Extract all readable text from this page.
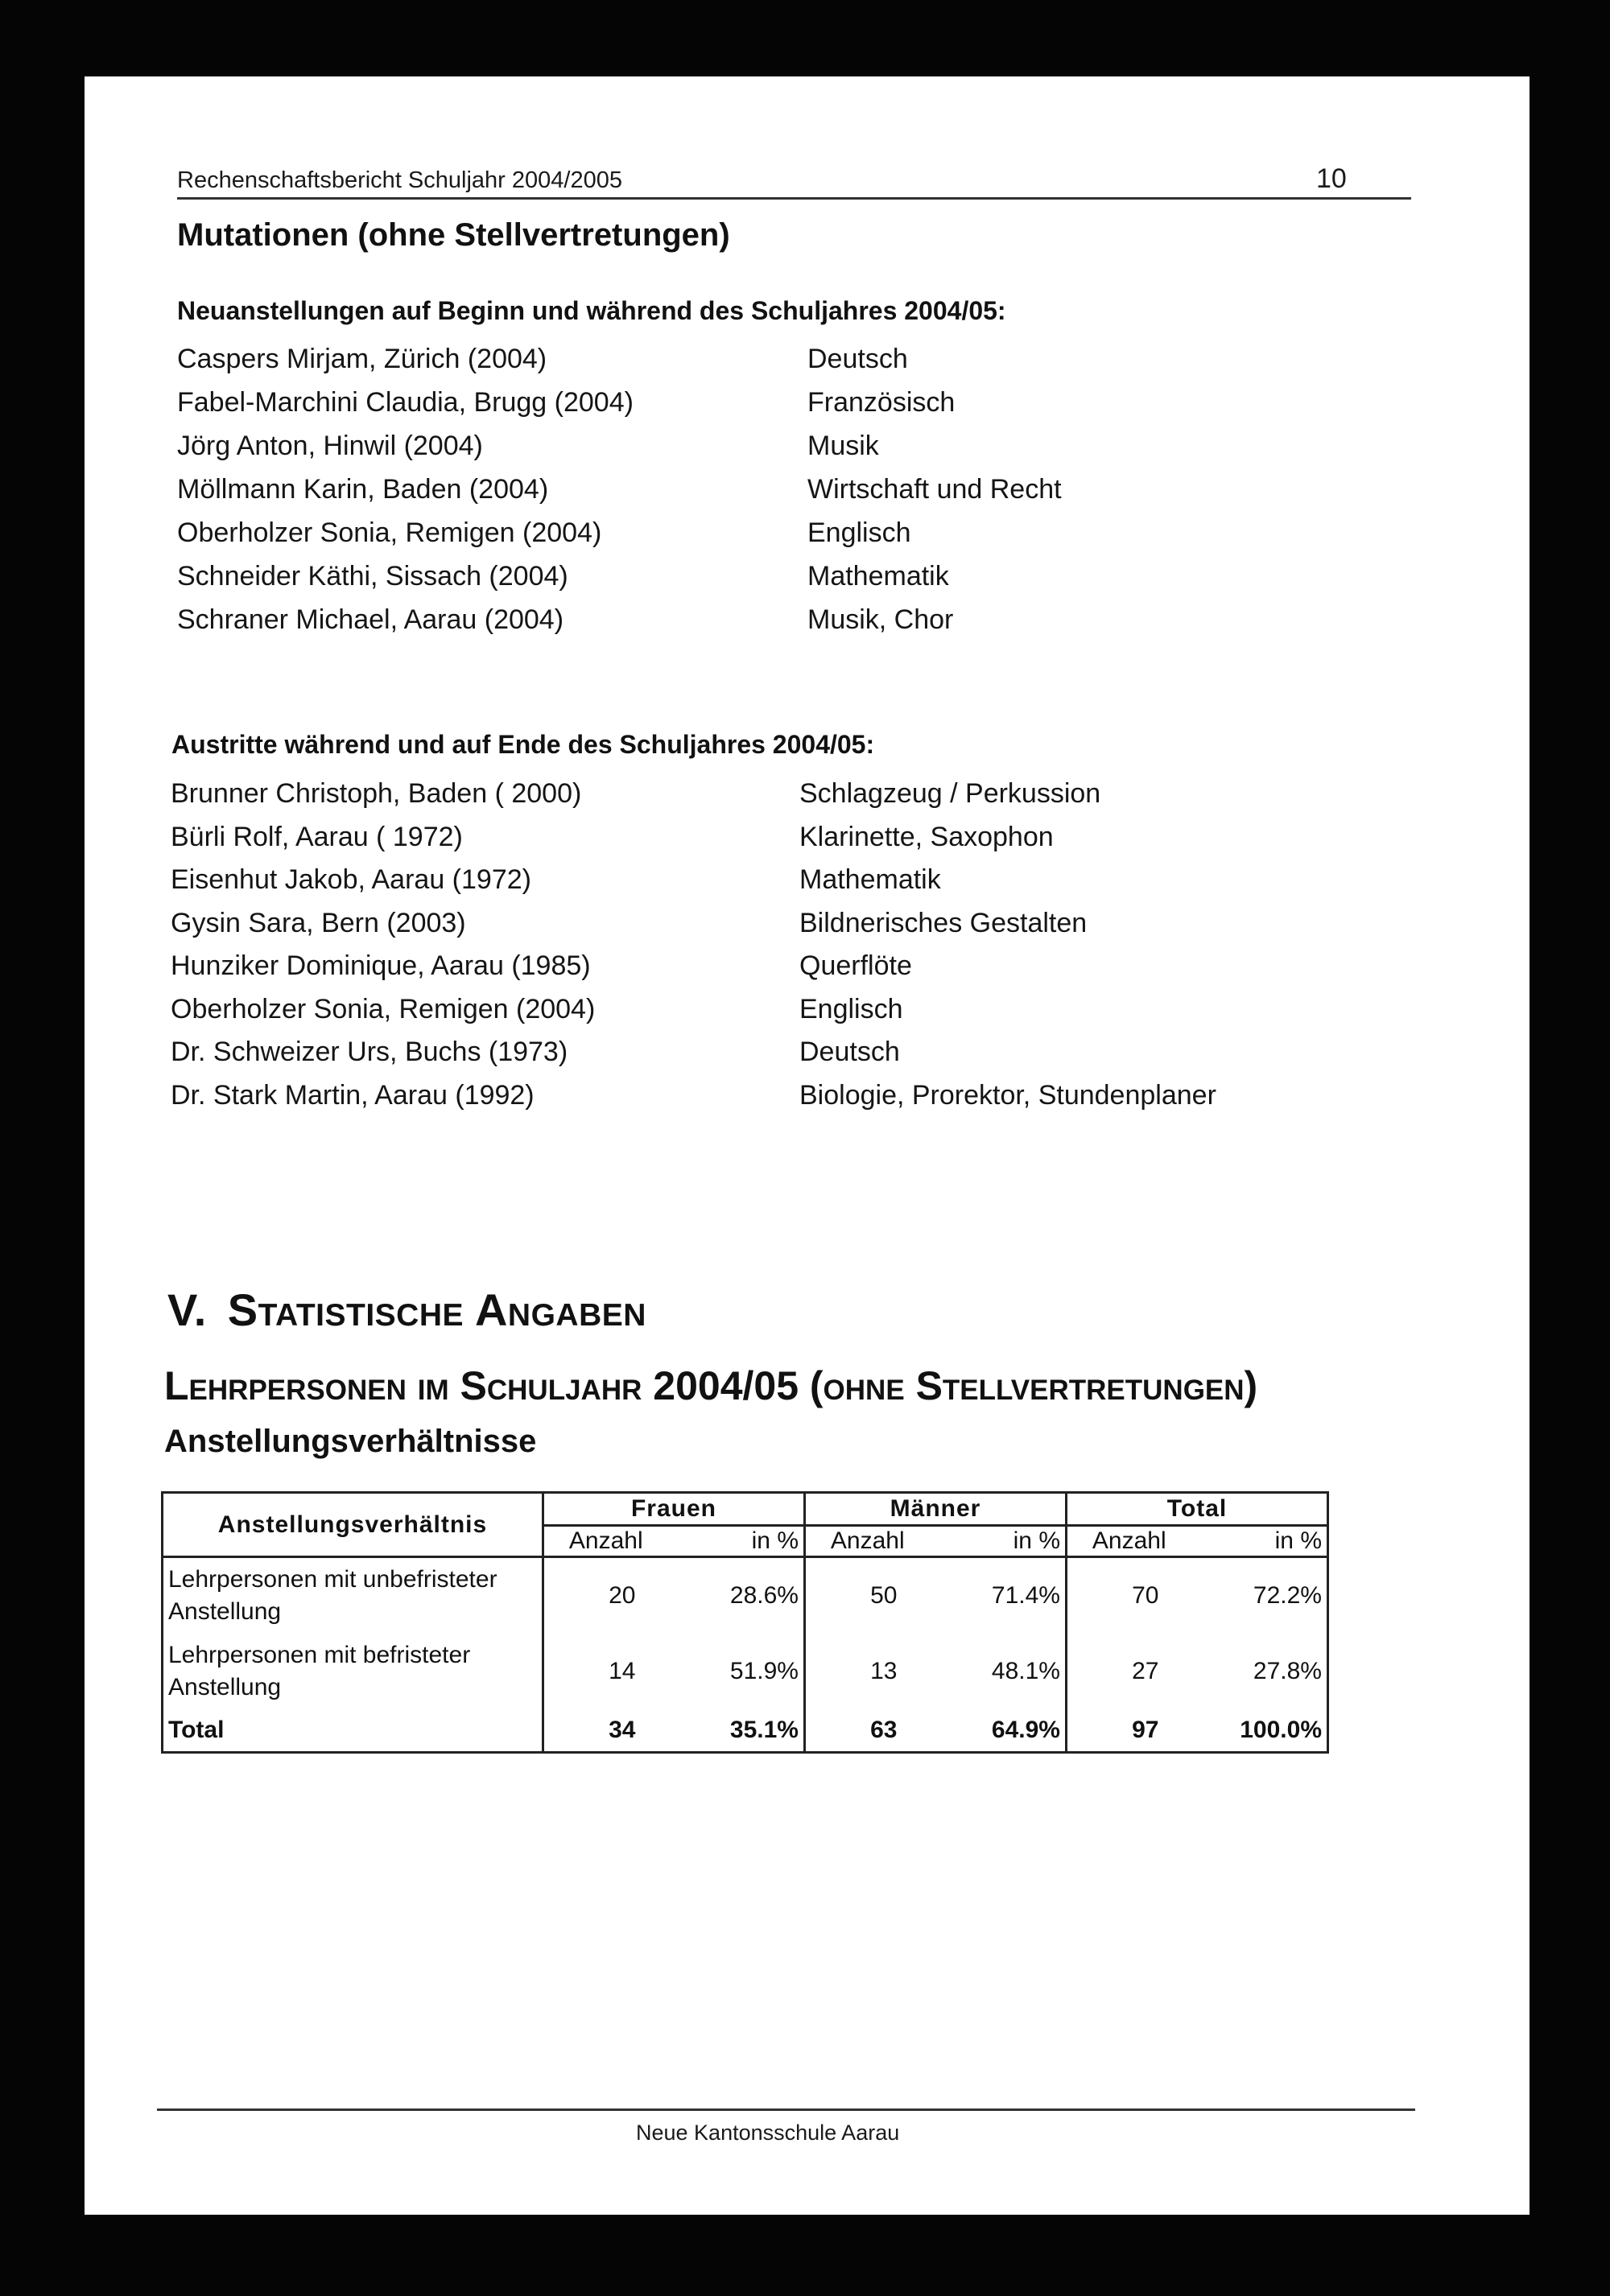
Rechenschaftsbericht Schuljahr 2004/2005	10
Mutationen (ohne Stellvertretungen)
Neuanstellungen auf Beginn und während des Schuljahres 2004/05:
Caspers Mirjam, Zürich (2004)	Deutsch
Fabel-Marchini Claudia, Brugg (2004)	Französisch
Jörg Anton, Hinwil (2004)	Musik
Möllmann Karin, Baden (2004)	Wirtschaft und Recht
Oberholzer Sonia, Remigen (2004)	Englisch
Schneider Käthi, Sissach (2004)	Mathematik
Schraner Michael, Aarau (2004)	Musik, Chor
Austritte während und auf Ende des Schuljahres 2004/05:
Brunner Christoph, Baden ( 2000)	Schlagzeug / Perkussion
Bürli Rolf, Aarau ( 1972)	Klarinette, Saxophon
Eisenhut Jakob, Aarau (1972)	Mathematik
Gysin Sara, Bern (2003)	Bildnerisches Gestalten
Hunziker Dominique, Aarau (1985)	Querflöte
Oberholzer Sonia, Remigen (2004)	Englisch
Dr. Schweizer Urs, Buchs (1973)	Deutsch
Dr. Stark Martin, Aarau (1992)	Biologie, Prorektor, Stundenplaner
V. Statistische Angaben
Lehrpersonen im Schuljahr 2004/05 (ohne Stellvertretungen)
Anstellungsverhältnisse
Anstellungsverhältnis	Frauen		Männer		Total	
	Anzahl	in %	Anzahl	in %	Anzahl	in %
Lehrpersonen mit unbefristeter Anstellung	20	28.6%	50	71.4%	70	72.2%
Lehrpersonen mit befristeter Anstellung	14	51.9%	13	48.1%	27	27.8%
Total	34	35.1%	63	64.9%	97	100.0%
Neue Kantonsschule Aarau
